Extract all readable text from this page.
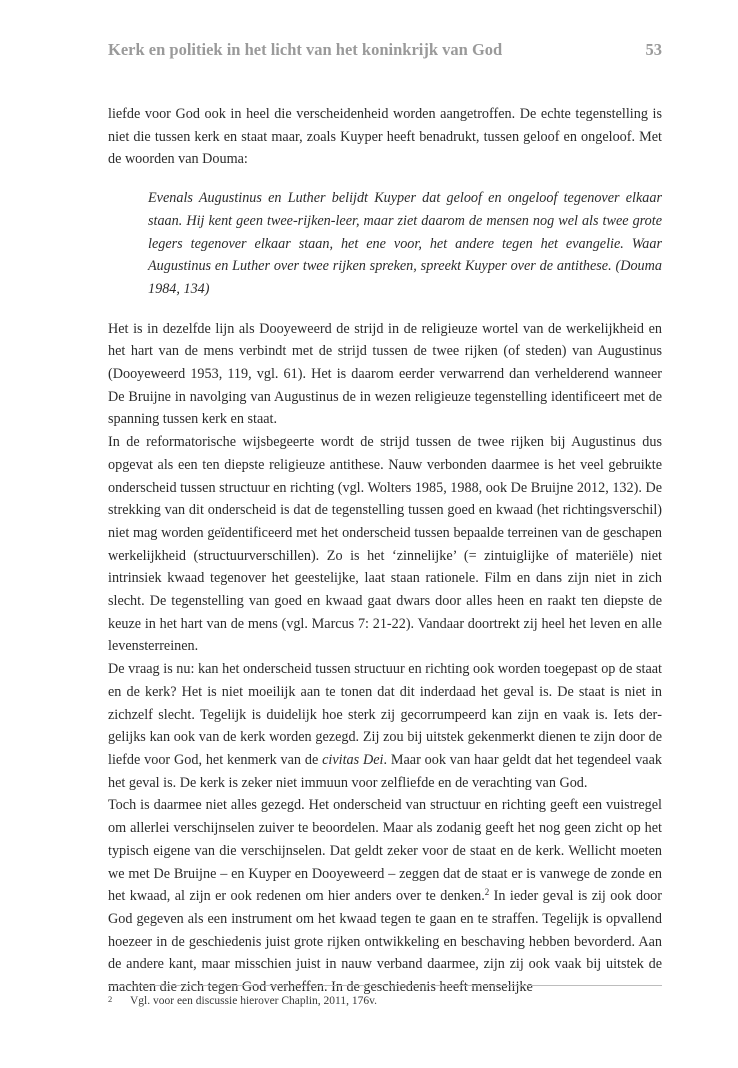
Kerk en politiek in het licht van het koninkrijk van God	53

liefde voor God ook in heel die verscheidenheid worden aangetroffen. De echte tegenstelling is niet die tussen kerk en staat maar, zoals Kuyper heeft benadrukt, tussen geloof en ongeloof. Met de woorden van Douma:

Evenals Augustinus en Luther belijdt Kuyper dat geloof en ongeloof tegenover elkaar staan. Hij kent geen twee-rijken-leer, maar ziet daarom de mensen nog wel als twee grote legers tegenover elkaar staan, het ene voor, het andere tegen het evangelie. Waar Augustinus en Luther over twee rijken spreken, spreekt Kuyper over de antithese. (Douma 1984, 134)

Het is in dezelfde lijn als Dooyeweerd de strijd in de religieuze wortel van de werkelijkheid en het hart van de mens verbindt met de strijd tussen de twee rijken (of steden) van Augustinus (Dooyeweerd 1953, 119, vgl. 61). Het is daarom eerder verwarrend dan verhelderend wanneer De Bruijne in navolging van Augustinus de in wezen religieuze tegenstelling identificeert met de spanning tussen kerk en staat.

In de reformatorische wijsbegeerte wordt de strijd tussen de twee rijken bij Augustinus dus opgevat als een ten diepste religieuze antithese. Nauw verbonden daarmee is het veel gebruikte onderscheid tussen structuur en richting (vgl. Wolters 1985, 1988, ook De Bruijne 2012, 132). De strekking van dit onderscheid is dat de tegenstelling tussen goed en kwaad (het richtingsverschil) niet mag worden geïdentificeerd met het onderscheid tussen bepaalde terreinen van de geschapen werkelijkheid (structuurverschillen). Zo is het ‘zinnelijke’ (= zintuiglijke of materiële) niet intrinsiek kwaad tegenover het geestelijke, laat staan rationele. Film en dans zijn niet in zich slecht. De tegenstelling van goed en kwaad gaat dwars door alles heen en raakt ten diepste de keuze in het hart van de mens (vgl. Marcus 7: 21-22). Vandaar doortrekt zij heel het leven en alle levensterreinen.

De vraag is nu: kan het onderscheid tussen structuur en richting ook worden toegepast op de staat en de kerk? Het is niet moeilijk aan te tonen dat dit inderdaad het geval is. De staat is niet in zichzelf slecht. Tegelijk is duidelijk hoe sterk zij gecorrumpeerd kan zijn en vaak is. Iets dergelijks kan ook van de kerk worden gezegd. Zij zou bij uitstek gekenmerkt dienen te zijn door de liefde voor God, het kenmerk van de civitas Dei. Maar ook van haar geldt dat het tegendeel vaak het geval is. De kerk is zeker niet immuun voor zelfliefde en de verachting van God.

Toch is daarmee niet alles gezegd. Het onderscheid van structuur en richting geeft een vuistregel om allerlei verschijnselen zuiver te beoordelen. Maar als zodanig geeft het nog geen zicht op het typisch eigene van die verschijnselen. Dat geldt zeker voor de staat en de kerk. Wellicht moeten we met De Bruijne – en Kuyper en Dooyeweerd – zeggen dat de staat er is vanwege de zonde en het kwaad, al zijn er ook redenen om hier anders over te denken.$^2$ In ieder geval is zij ook door God gegeven als een instrument om het kwaad tegen te gaan en te straffen. Tegelijk is opvallend hoezeer in de geschiedenis juist grote rijken ontwikkeling en beschaving hebben bevorderd. Aan de andere kant, maar misschien juist in nauw verband daarmee, zijn zij ook vaak bij uitstek de machten die zich tegen God verheffen. In de geschiedenis heeft menselijke

2 Vgl. voor een discussie hierover Chaplin, 2011, 176v.
